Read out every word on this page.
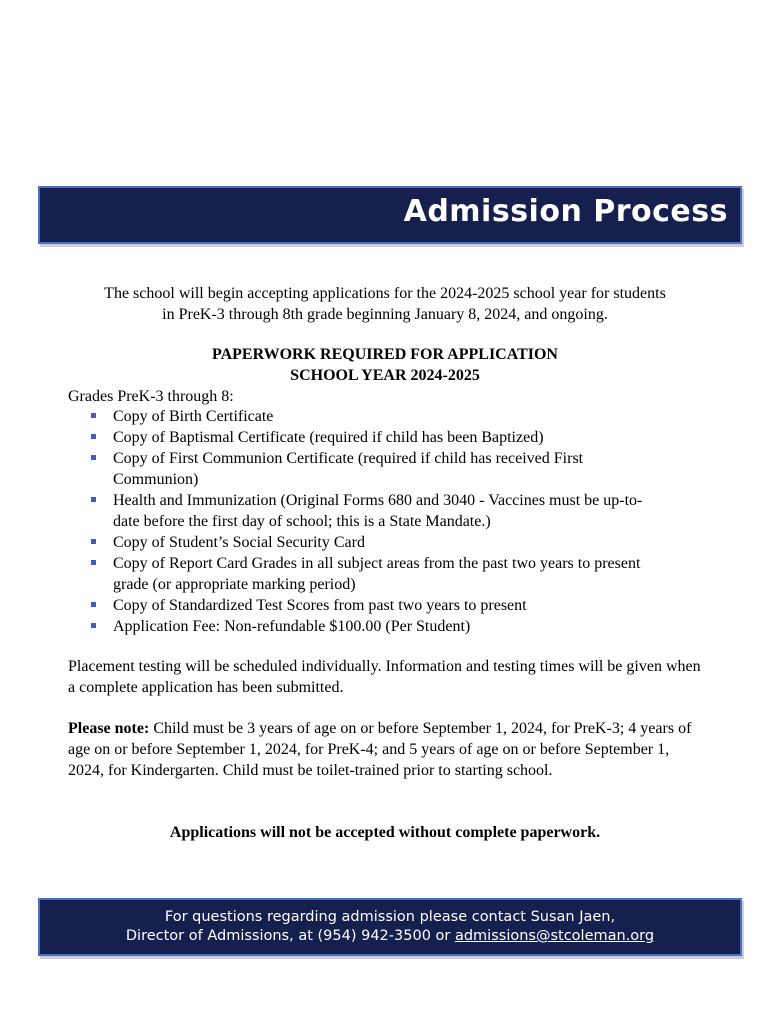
Admission Process
The school will begin accepting applications for the 2024-2025 school year for students
in PreK-3 through 8th grade beginning January 8, 2024, and ongoing.
PAPERWORK REQUIRED FOR APPLICATION
SCHOOL YEAR 2024-2025
Grades PreK-3 through 8:
Copy of Birth Certificate
Copy of Baptismal Certificate (required if child has been Baptized)
Copy of First Communion Certificate (required if child has received First Communion)
Health and Immunization (Original Forms 680 and 3040 - Vaccines must be up-to-date before the first day of school; this is a State Mandate.)
Copy of Student’s Social Security Card
Copy of Report Card Grades in all subject areas from the past two years to present grade (or appropriate marking period)
Copy of Standardized Test Scores from past two years to present
Application Fee: Non-refundable $100.00 (Per Student)
Placement testing will be scheduled individually. Information and testing times will be given when a complete application has been submitted.
Please note: Child must be 3 years of age on or before September 1, 2024, for PreK-3; 4 years of age on or before September 1, 2024, for PreK-4; and 5 years of age on or before September 1, 2024, for Kindergarten. Child must be toilet-trained prior to starting school.
Applications will not be accepted without complete paperwork.
For questions regarding admission please contact Susan Jaen,
Director of Admissions, at (954) 942-3500 or admissions@stcoleman.org
